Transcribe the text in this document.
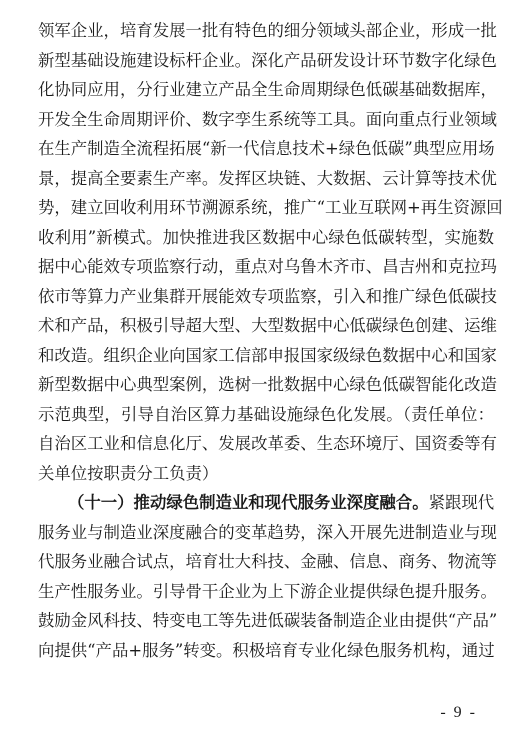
领军企业，培育发展一批有特色的细分领域头部企业，形成一批
新型基础设施建设标杆企业。深化产品研发设计环节数字化绿色
化协同应用，分行业建立产品全生命周期绿色低碳基础数据库，
开发全生命周期评价、数字孪生系统等工具。面向重点行业领域
在生产制造全流程拓展“新一代信息技术+绿色低碳”典型应用场
景，提高全要素生产率。发挥区块链、大数据、云计算等技术优
势，建立回收利用环节溯源系统，推广“工业互联网+再生资源回
收利用”新模式。加快推进我区数据中心绿色低碳转型，实施数
据中心能效专项监察行动，重点对乌鲁木齐市、昌吉州和克拉玛
依市等算力产业集群开展能效专项监察，引入和推广绿色低碳技
术和产品，积极引导超大型、大型数据中心低碳绿色创建、运维
和改造。组织企业向国家工信部申报国家级绿色数据中心和国家
新型数据中心典型案例，选树一批数据中心绿色低碳智能化改造
示范典型，引导自治区算力基础设施绿色化发展。（责任单位：
自治区工业和信息化厅、发展改革委、生态环境厅、国资委等有
关单位按职责分工负责）
（十一）推动绿色制造业和现代服务业深度融合。紧跟现代
服务业与制造业深度融合的变革趋势，深入开展先进制造业与现
代服务业融合试点，培育壮大科技、金融、信息、商务、物流等
生产性服务业。引导骨干企业为上下游企业提供绿色提升服务。
鼓励金风科技、特变电工等先进低碳装备制造企业由提供“产品”
向提供“产品+服务”转变。积极培育专业化绿色服务机构，通过
- 9 -
